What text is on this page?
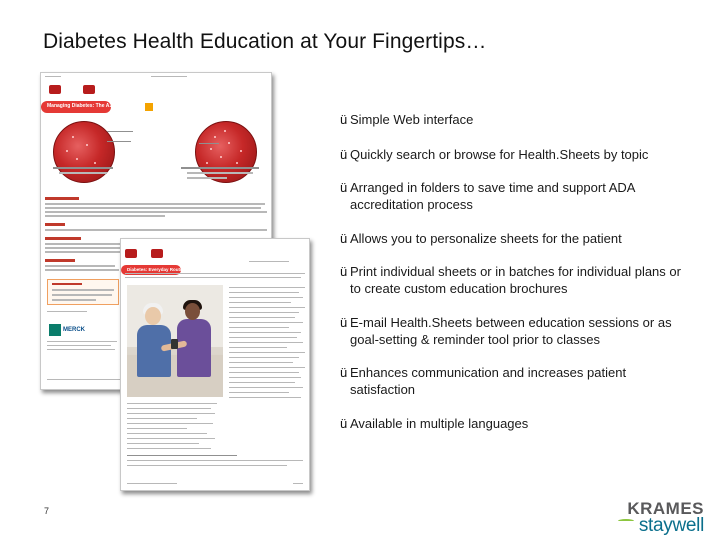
Diabetes Health Education at Your Fingertips…

Managing Diabetes: The A1C Test
MERCK
Diabetes: Everyday Routines
ü Simple Web interface
ü Quickly search or browse for Health.Sheets by topic
ü Arranged in folders to save time and support ADA accreditation process
ü Allows you to personalize sheets for the patient
ü Print individual sheets or in batches for individual plans or to create custom education brochures
ü E-mail Health.Sheets between education sessions or as goal-setting & reminder tool prior to classes
ü Enhances communication and increases patient satisfaction
ü Available in multiple languages
7	KRAMES
staywell
